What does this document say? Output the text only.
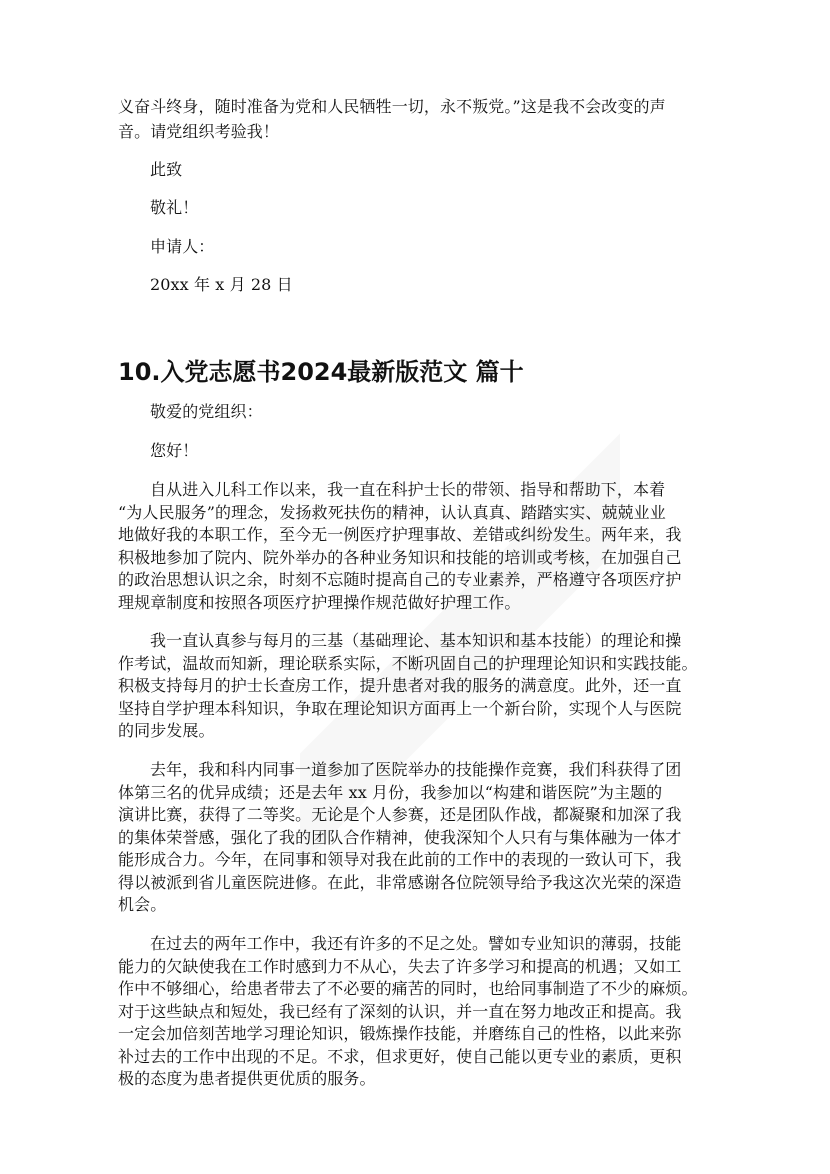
义奋斗终身，随时准备为党和人民牺牲一切，永不叛党。”这是我不会改变的声
音。请党组织考验我！
此致
敬礼！
申请人：
20xx 年 x 月 28 日
10.入党志愿书2024最新版范文 篇十
敬爱的党组织：
您好！
自从进入儿科工作以来，我一直在科护士长的带领、指导和帮助下，本着
“为人民服务”的理念，发扬救死扶伤的精神，认认真真、踏踏实实、兢兢业业
地做好我的本职工作，至今无一例医疗护理事故、差错或纠纷发生。两年来，我
积极地参加了院内、院外举办的各种业务知识和技能的培训或考核，在加强自己
的政治思想认识之余，时刻不忘随时提高自己的专业素养，严格遵守各项医疗护
理规章制度和按照各项医疗护理操作规范做好护理工作。
我一直认真参与每月的三基（基础理论、基本知识和基本技能）的理论和操
作考试，温故而知新，理论联系实际，不断巩固自己的护理理论知识和实践技能。
积极支持每月的护士长查房工作，提升患者对我的服务的满意度。此外，还一直
坚持自学护理本科知识，争取在理论知识方面再上一个新台阶，实现个人与医院
的同步发展。
去年，我和科内同事一道参加了医院举办的技能操作竞赛，我们科获得了团
体第三名的优异成绩；还是去年 xx 月份，我参加以“构建和谐医院”为主题的
演讲比赛，获得了二等奖。无论是个人参赛，还是团队作战，都凝聚和加深了我
的集体荣誉感，强化了我的团队合作精神，使我深知个人只有与集体融为一体才
能形成合力。今年，在同事和领导对我在此前的工作中的表现的一致认可下，我
得以被派到省儿童医院进修。在此，非常感谢各位院领导给予我这次光荣的深造
机会。
在过去的两年工作中，我还有许多的不足之处。譬如专业知识的薄弱，技能
能力的欠缺使我在工作时感到力不从心，失去了许多学习和提高的机遇；又如工
作中不够细心，给患者带去了不必要的痛苦的同时，也给同事制造了不少的麻烦。
对于这些缺点和短处，我已经有了深刻的认识，并一直在努力地改正和提高。我
一定会加倍刻苦地学习理论知识，锻炼操作技能，并磨练自己的性格，以此来弥
补过去的工作中出现的不足。不求，但求更好，使自己能以更专业的素质，更积
极的态度为患者提供更优质的服务。
